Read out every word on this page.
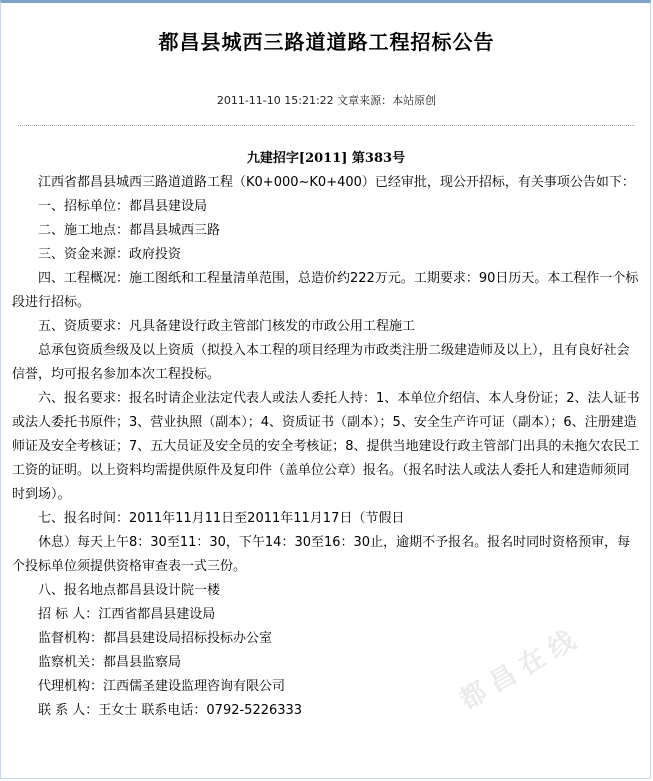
都昌县城西三路道道路工程招标公告
2011-11-10 15:21:22 文章来源：本站原创
九建招字[2011] 第383号

江西省都昌县城西三路道道路工程（K0+000~K0+400）已经审批，现公开招标，有关事项公告如下：

一、招标单位：都昌县建设局

二、施工地点：都昌县城西三路

三、资金来源：政府投资

四、工程概况：施工图纸和工程量清单范围，总造价约222万元。工期要求：90日历天。本工程作一个标段进行招标。

五、资质要求：凡具备建设行政主管部门核发的市政公用工程施工

总承包资质叁级及以上资质（拟投入本工程的项目经理为市政类注册二级建造师及以上），且有良好社会信誉，均可报名参加本次工程投标。

六、报名要求：报名时请企业法定代表人或法人委托人持：1、本单位介绍信、本人身份证；2、法人证书或法人委托书原件；3、营业执照（副本）；4、资质证书（副本）；5、安全生产许可证（副本）；6、注册建造师证及安全考核证；7、五大员证及安全员的安全考核证；8、提供当地建设行政主管部门出具的未拖欠农民工工资的证明。以上资料均需提供原件及复印件（盖单位公章）报名。（报名时法人或法人委托人和建造师须同时到场）。

七、报名时间：2011年11月11日至2011年11月17日（节假日

休息）每天上午8：30至11：30，下午14：30至16：30止，逾期不予报名。报名时同时资格预审，每个投标单位须提供资格审查表一式三份。

八、报名地点都昌县设计院一楼

招 标 人：江西省都昌县建设局

监督机构：都昌县建设局招标投标办公室

监察机关：都昌县监察局

代理机构：江西儒圣建设监理咨询有限公司

联 系 人：王女士 联系电话：0792-5226333	都昌在线
